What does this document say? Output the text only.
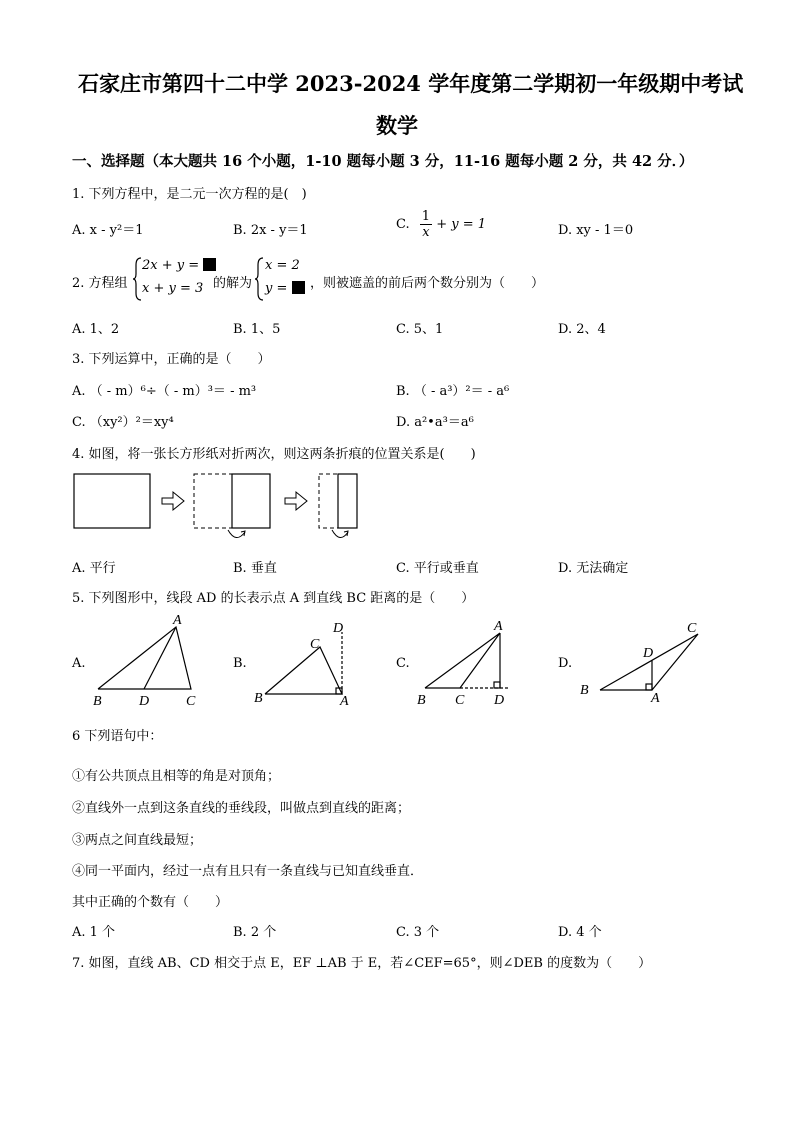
石家庄市第四十二中学 2023-2024 学年度第二学期初一年级期中考试
数学
一、选择题（本大题共 16 个小题，1-10 题每小题 3 分，11-16 题每小题 2 分，共 42 分．）
1. 下列方程中，是二元一次方程的是(　)
A. x - y²＝1	B. 2x - y＝1	C. $\frac{1}{x} + y = 1$	D. xy - 1＝0
2. 方程组
2x + y =
x + y = 3 的解为
x = 2
y =	，则被遮盖的前后两个数分别为（　　）
A. 1、2	B. 1、5	C. 5、1	D. 2、4
3. 下列运算中，正确的是（　　）
A. （ - m）⁶÷（ - m）³＝ - m³	B. （ - a³）²＝ - a⁶
C. （xy²）²＝xy⁴	D. a²•a³＝a⁶
4. 如图，将一张长方形纸对折两次，则这两条折痕的位置关系是(　　)
A. 平行	B. 垂直	C. 平行或垂直	D. 无法确定
5. 下列图形中，线段 AD 的长表示点 A 到直线 BC 距离的是（　　）
A.	B.	C.	D.
A
B	D	C
C
D
B	A
A
B C D
C
D
B
A
6 下列语句中：
①有公共顶点且相等的角是对顶角；
②直线外一点到这条直线的垂线段，叫做点到直线的距离；
③两点之间直线最短；
④同一平面内，经过一点有且只有一条直线与已知直线垂直．
其中正确的个数有（　　）
A. 1 个	B. 2 个	C. 3 个	D. 4 个
7. 如图，直线 AB、CD 相交于点 E，EF ⊥AB 于 E，若∠CEF=65°，则∠DEB 的度数为（　　）
